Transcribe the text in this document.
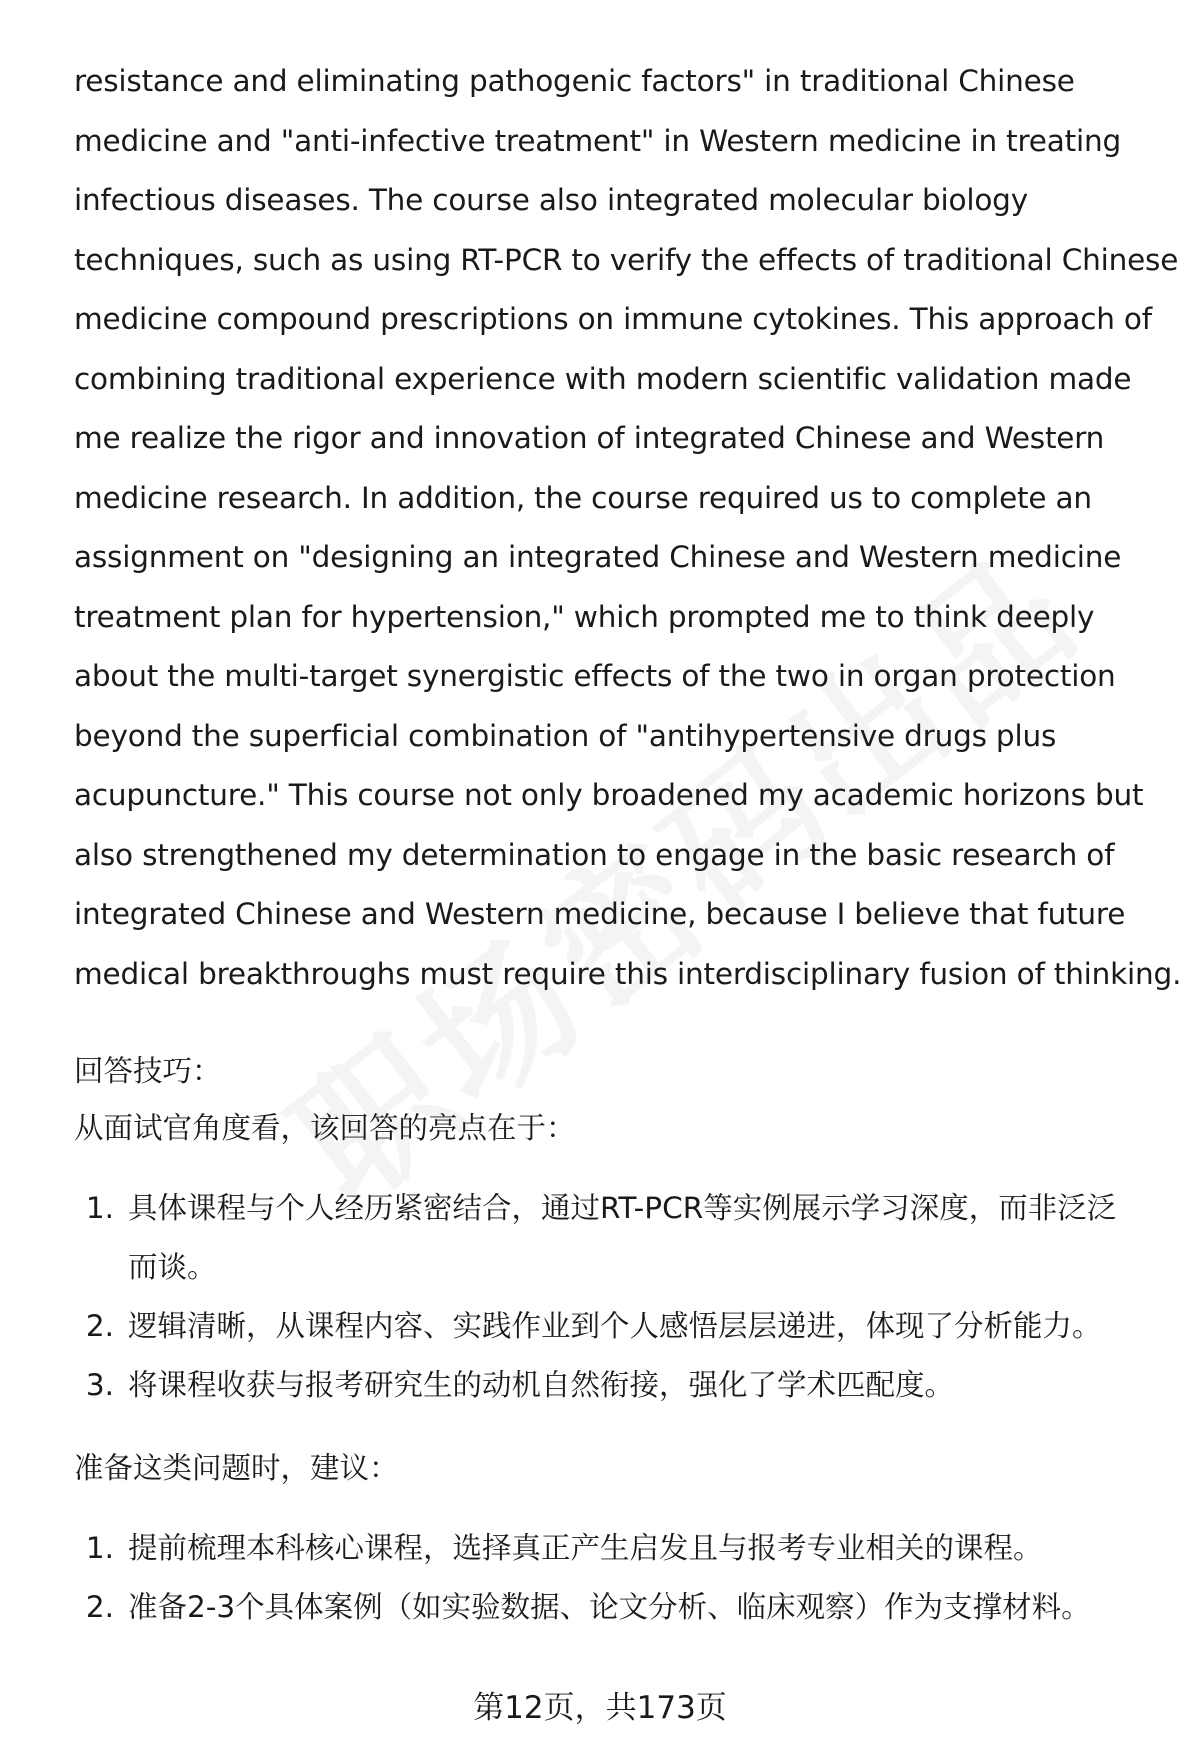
resistance and eliminating pathogenic factors" in traditional Chinese
medicine and "anti-infective treatment" in Western medicine in treating
infectious diseases. The course also integrated molecular biology
techniques, such as using RT-PCR to verify the effects of traditional Chinese
medicine compound prescriptions on immune cytokines. This approach of
combining traditional experience with modern scientific validation made
me realize the rigor and innovation of integrated Chinese and Western
medicine research. In addition, the course required us to complete an
assignment on "designing an integrated Chinese and Western medicine
treatment plan for hypertension," which prompted me to think deeply
about the multi-target synergistic effects of the two in organ protection
beyond the superficial combination of "antihypertensive drugs plus
acupuncture." This course not only broadened my academic horizons but
also strengthened my determination to engage in the basic research of
integrated Chinese and Western medicine, because I believe that future
medical breakthroughs must require this interdisciplinary fusion of thinking.
回答技巧：
从面试官角度看，该回答的亮点在于：
1. 具体课程与个人经历紧密结合，通过RT-PCR等实例展示学习深度，而非泛泛
而谈。
2. 逻辑清晰，从课程内容、实践作业到个人感悟层层递进，体现了分析能力。
3. 将课程收获与报考研究生的动机自然衔接，强化了学术匹配度。
准备这类问题时，建议：
1. 提前梳理本科核心课程，选择真正产生启发且与报考专业相关的课程。
2. 准备2-3个具体案例（如实验数据、论文分析、临床观察）作为支撑材料。
第12页，共173页
